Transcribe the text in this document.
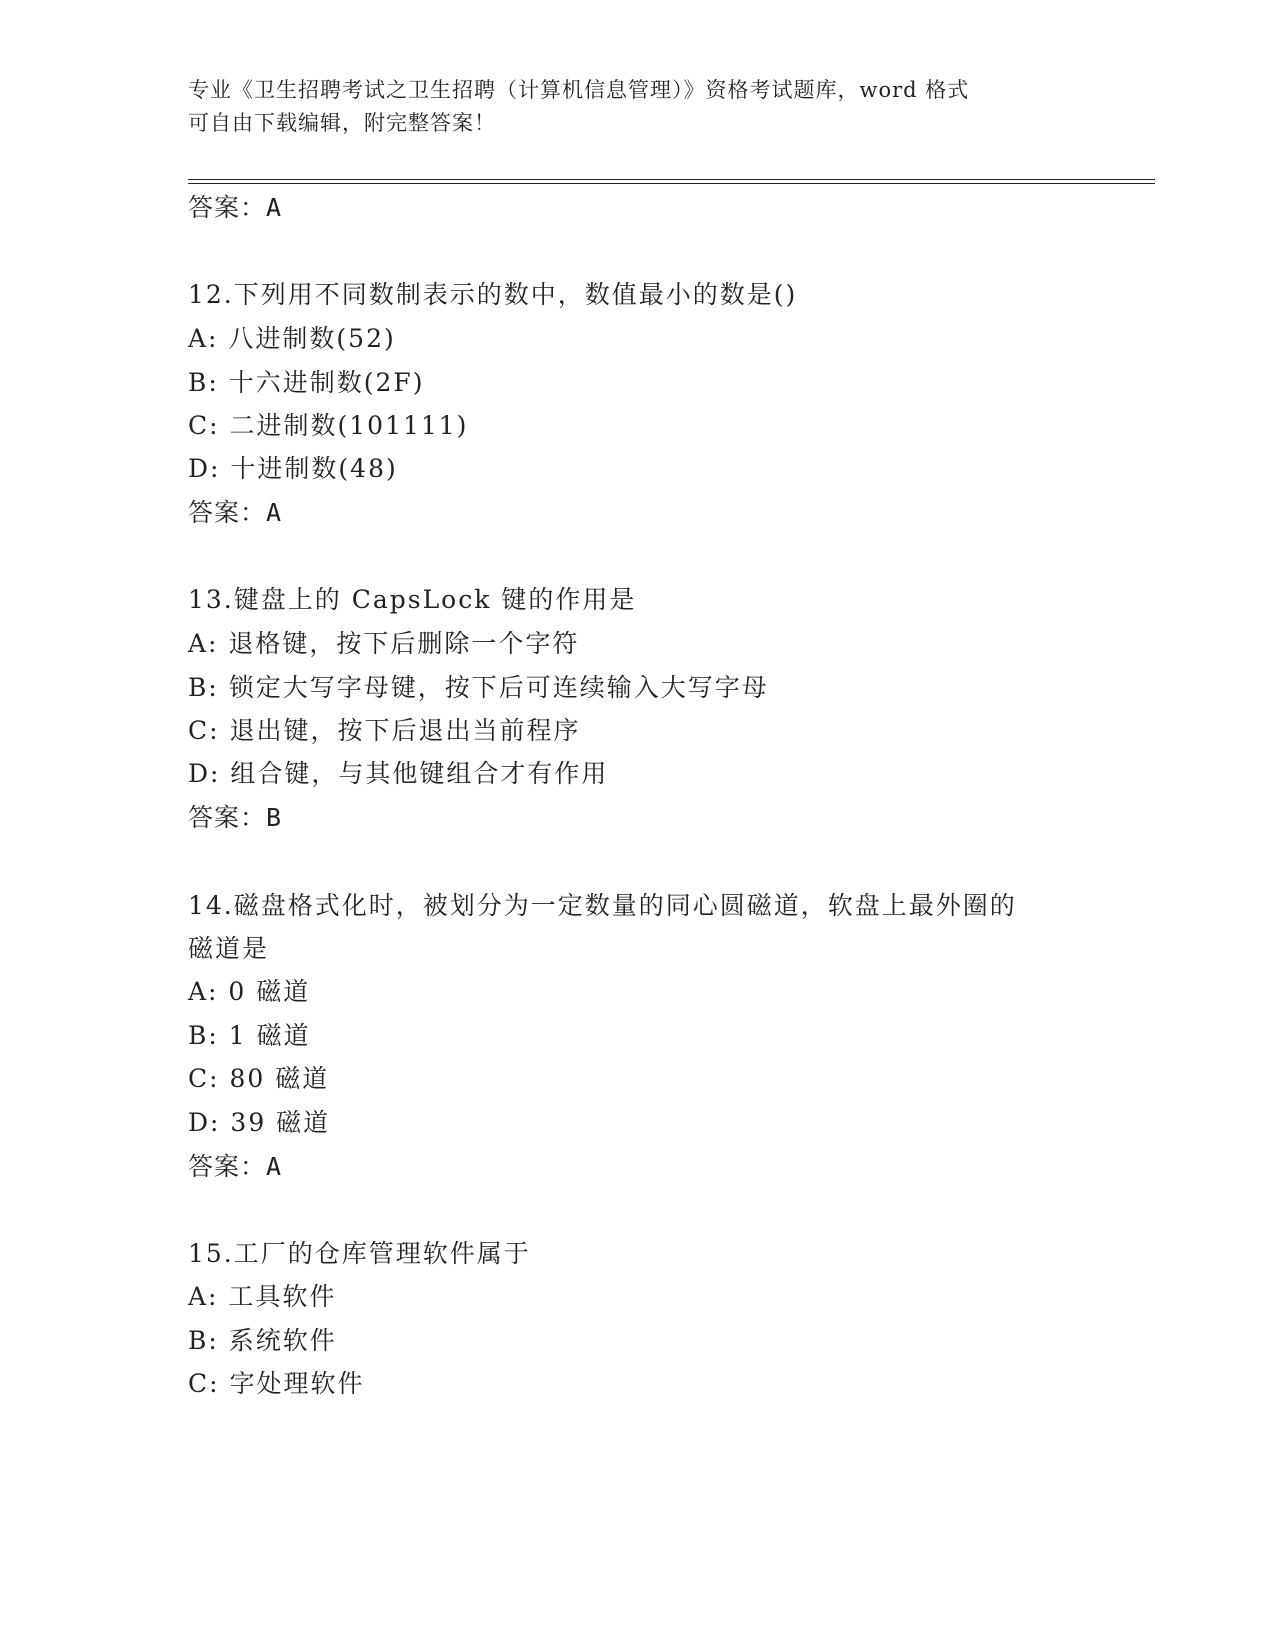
专业《卫生招聘考试之卫生招聘（计算机信息管理）》资格考试题库，word 格式
可自由下载编辑，附完整答案！
答案：A
12.下列用不同数制表示的数中，数值最小的数是()
A: 八进制数(52)
B: 十六进制数(2F)
C: 二进制数(101111)
D: 十进制数(48)
答案：A
13.键盘上的 CapsLock 键的作用是
A: 退格键，按下后删除一个字符
B: 锁定大写字母键，按下后可连续输入大写字母
C: 退出键，按下后退出当前程序
D: 组合键，与其他键组合才有作用
答案：B
14.磁盘格式化时，被划分为一定数量的同心圆磁道，软盘上最外圈的
磁道是
A: 0 磁道
B: 1 磁道
C: 80 磁道
D: 39 磁道
答案：A
15.工厂的仓库管理软件属于
A: 工具软件
B: 系统软件
C: 字处理软件
